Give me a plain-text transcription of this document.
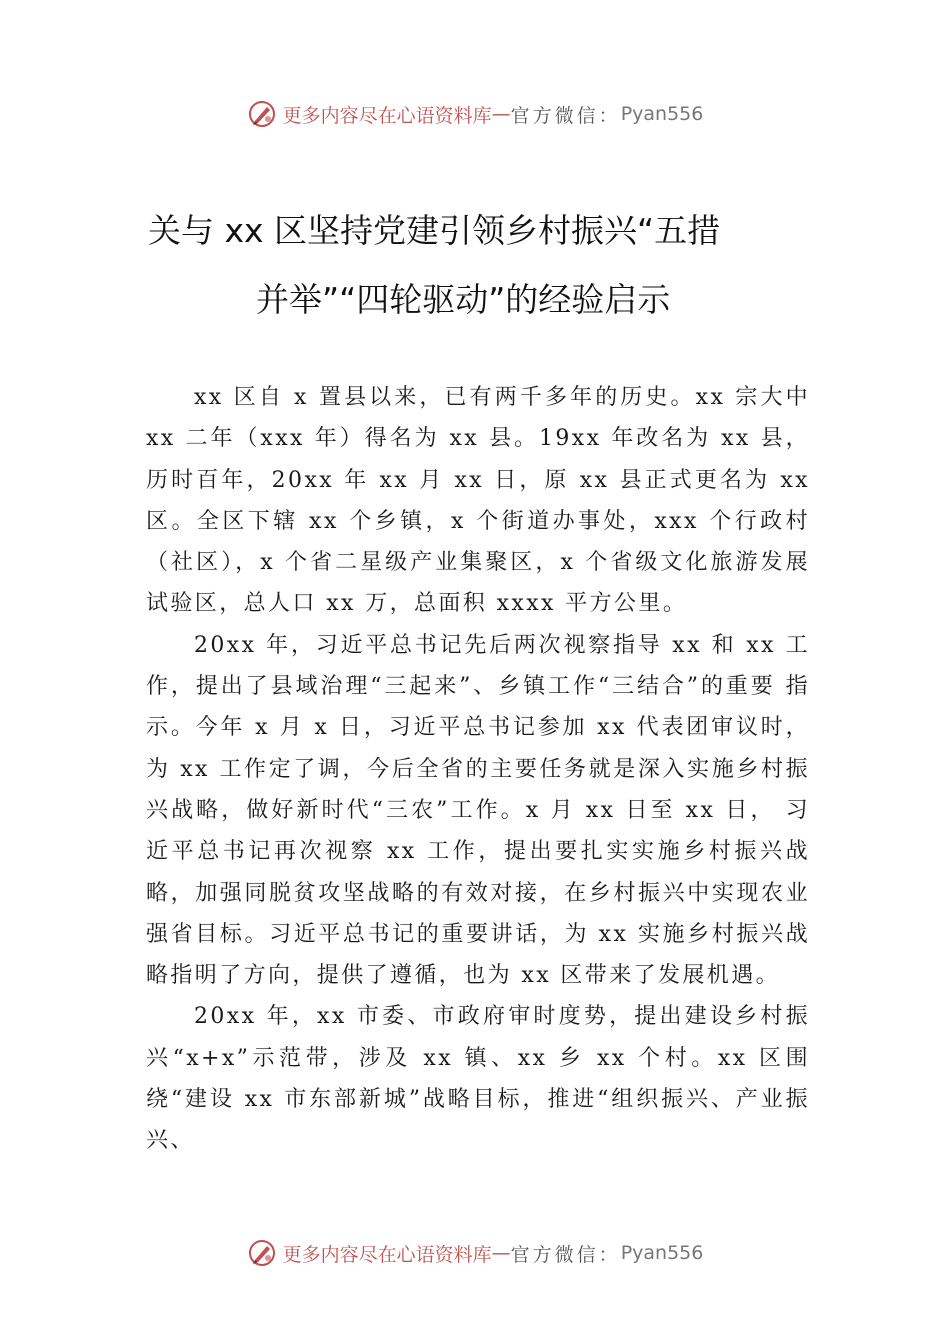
更多内容尽在心语资料库 — 官方微信： Pyan556
关与 xx 区坚持党建引领乡村振兴“五措
并举”“四轮驱动”的经验启示

xx 区自 x 置县以来，已有两千多年的历史。xx 宗大中 xx 二年（xxx 年）得名为 xx 县。19xx 年改名为 xx 县，历时百年，20xx 年 xx 月 xx 日，原 xx 县正式更名为 xx 区。全区下辖 xx 个乡镇，x 个街道办事处，xxx 个行政村（社区），x 个省二星级产业集聚区，x 个省级文化旅游发展试验区，总人口 xx 万，总面积 xxxx 平方公里。

20xx 年，习近平总书记先后两次视察指导 xx 和 xx 工作，提出了县域治理“三起来”、乡镇工作“三结合”的重要 指示。今年 x 月 x 日，习近平总书记参加 xx 代表团审议时，为 xx 工作定了调，今后全省的主要任务就是深入实施乡村振兴战略，做好新时代“三农”工作。x 月 xx 日至 xx 日， 习近平总书记再次视察 xx 工作，提出要扎实实施乡村振兴战略，加强同脱贫攻坚战略的有效对接，在乡村振兴中实现农业强省目标。习近平总书记的重要讲话，为 xx 实施乡村振兴战略指明了方向，提供了遵循，也为 xx 区带来了发展机遇。

20xx 年，xx 市委、市政府审时度势，提出建设乡村振兴“x+x”示范带，涉及 xx 镇、xx 乡 xx 个村。xx 区围绕“建设 xx 市东部新城”战略目标，推进“组织振兴、产业振兴、

更多内容尽在心语资料库 — 官方微信： Pyan556
